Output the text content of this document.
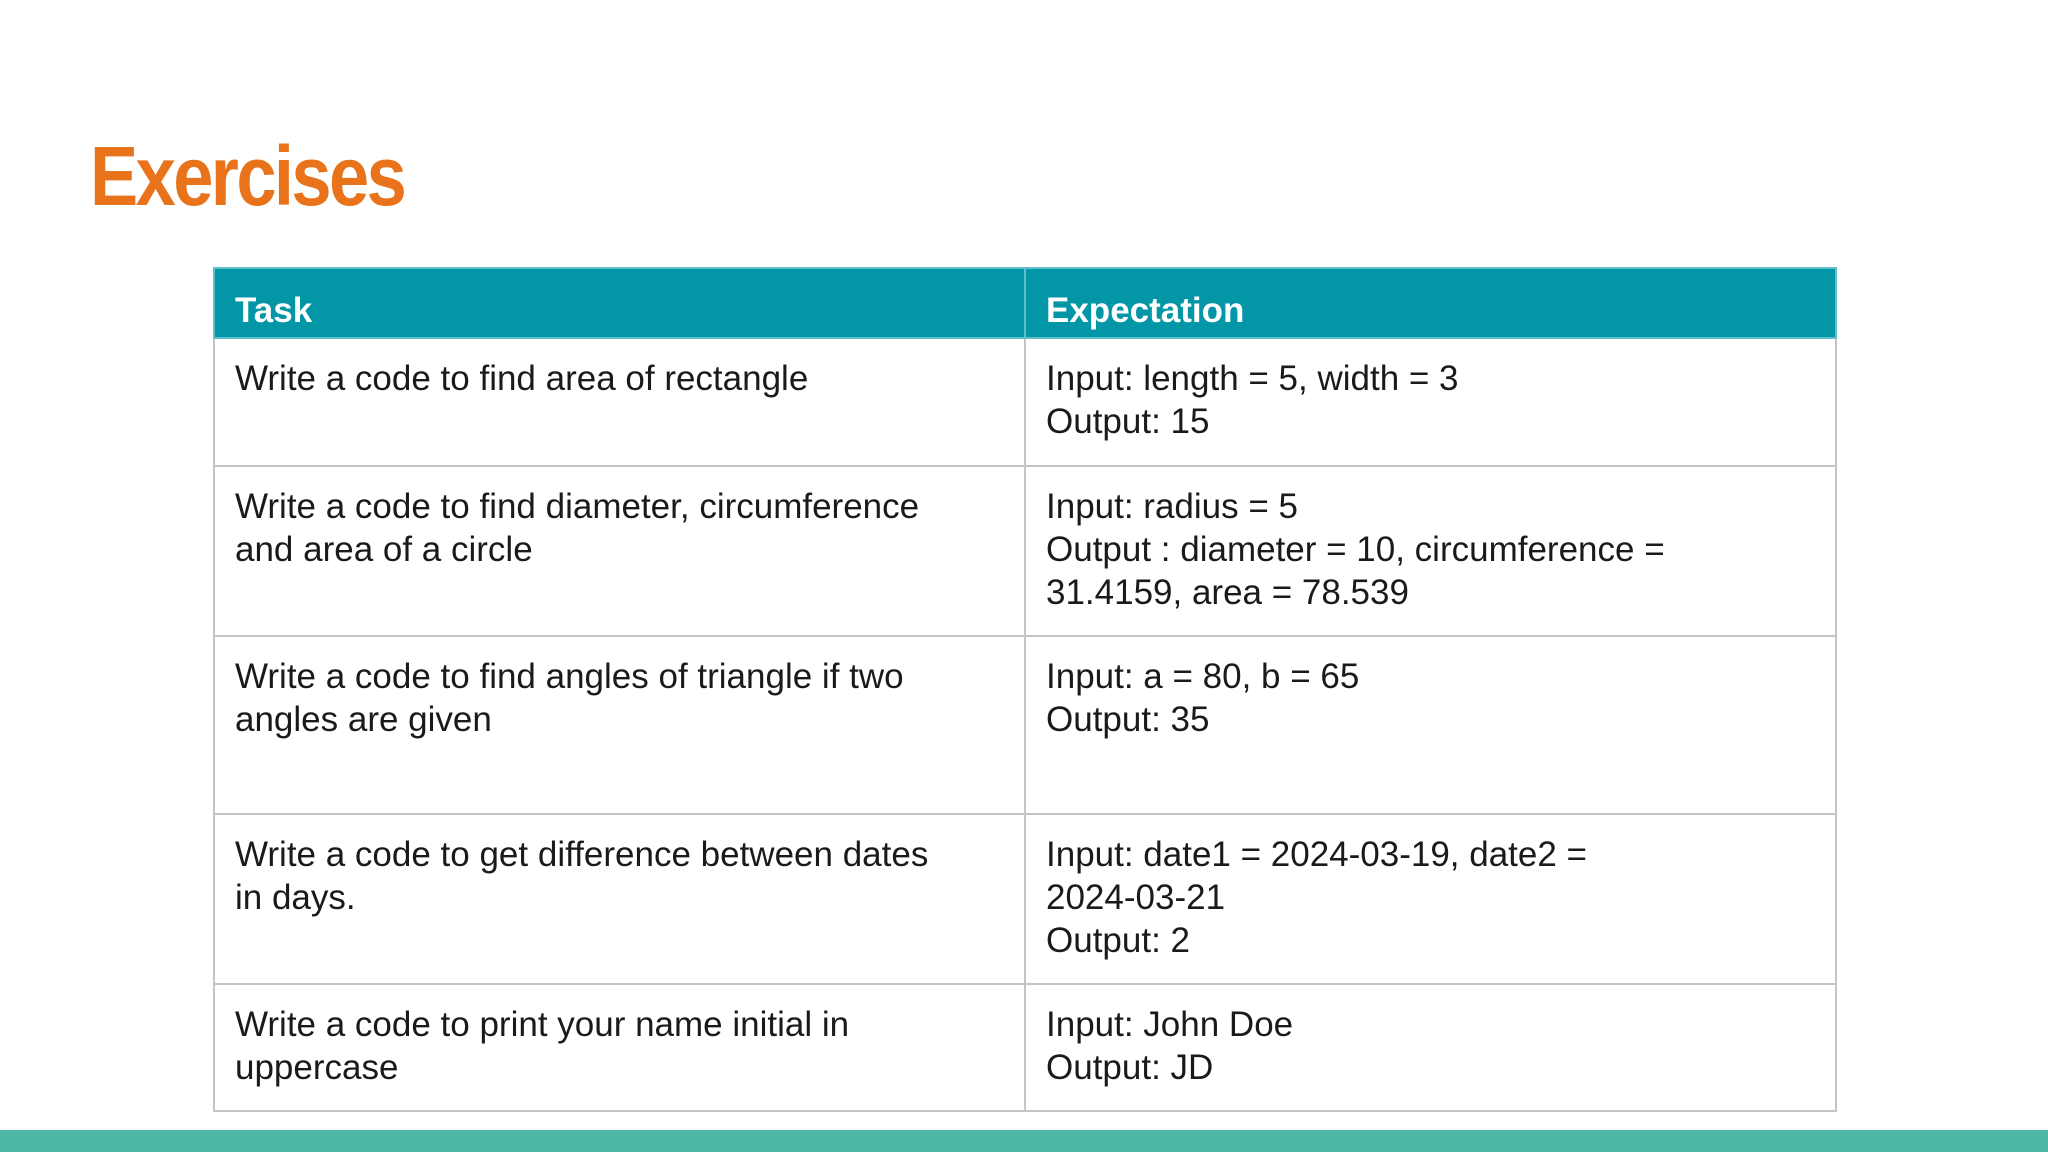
Exercises
Task	Expectation
Write a code to find area of rectangle	Input: length = 5, width = 3
Output: 15
Write a code to find diameter, circumference
and area of a circle	Input: radius = 5
Output : diameter = 10, circumference =
31.4159, area = 78.539
Write a code to find angles of triangle if two
angles are given	Input: a = 80, b = 65
Output: 35
Write a code to get difference between dates
in days.	Input: date1 = 2024-03-19, date2 =
2024-03-21
Output: 2
Write a code to print your name initial in
uppercase	Input: John Doe
Output: JD
